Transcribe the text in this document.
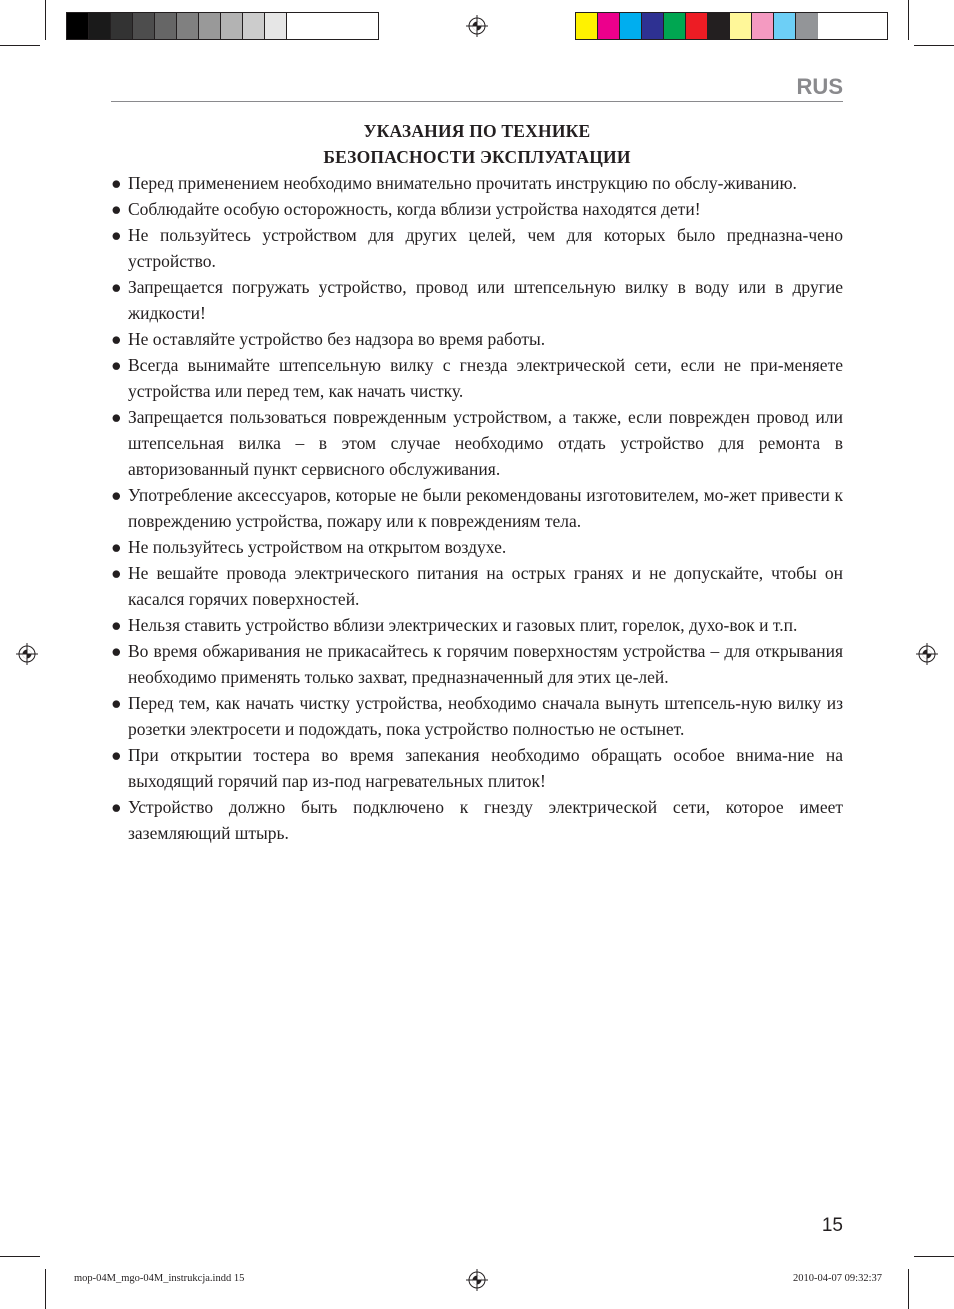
RUS
УКАЗАНИЯ ПО ТЕХНИКЕ
БЕЗОПАСНОСТИ ЭКСПЛУАТАЦИИ
● Перед применением необходимо внимательно прочитать инструкцию по обслу-живанию.
● Соблюдайте особую осторожность, когда вблизи устройства находятся дети!
● Не пользуйтесь устройством для других целей, чем для которых было предназна-чено устройство.
● Запрещается погружать устройство, провод или штепсельную вилку в воду или в другие жидкости!
● Не оставляйте устройство без надзора во время работы.
● Всегда вынимайте штепсельную вилку с гнезда электрической сети, если не при-меняете устройства или перед тем, как начать чистку.
● Запрещается пользоваться поврежденным устройством, а также, если поврежден провод или штепсельная вилка – в этом случае необходимо отдать устройство для ремонта в авторизованный пункт сервисного обслуживания.
● Употребление аксессуаров, которые не были рекомендованы изготовителем, мо-жет привести к повреждению устройства, пожару или к повреждениям тела.
● Не пользуйтесь устройством на открытом воздухе.
● Не вешайте провода электрического питания на острых гранях и не допускайте, чтобы он касался горячих поверхностей.
● Нельзя ставить устройство вблизи электрических и газовых плит, горелок, духо-вок и т.п.
● Во время обжаривания не прикасайтесь к горячим поверхностям устройства – для открывания необходимо применять только захват, предназначенный для этих це-лей.
● Перед тем, как начать чистку устройства, необходимо сначала вынуть штепсель-ную вилку из розетки электросети и подождать, пока устройство полностью не остынет.
● При открытии тостера во время запекания необходимо обращать особое внима-ние на выходящий горячий пар из-под нагревательных плиток!
● Устройство должно быть подключено к гнезду электрической сети, которое имеет заземляющий штырь.
15
mop-04M_mgo-04M_instrukcja.indd 15	2010-04-07 09:32:37
